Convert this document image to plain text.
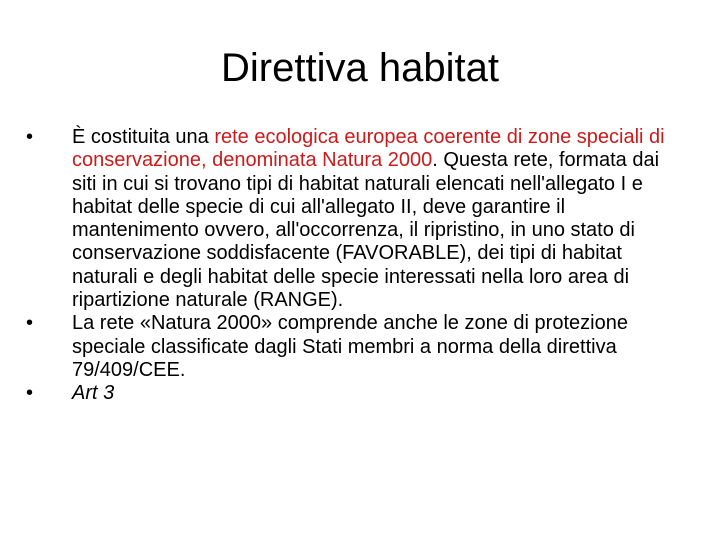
Direttiva habitat
•	È costituita una rete ecologica europea coerente di zone speciali di conservazione, denominata Natura 2000. Questa rete, formata dai siti in cui si trovano tipi di habitat naturali elencati nell'allegato I e habitat delle specie di cui all'allegato II, deve garantire il mantenimento ovvero, all'occorrenza, il ripristino, in uno stato di conservazione soddisfacente (FAVORABLE), dei tipi di habitat naturali e degli habitat delle specie interessati nella loro area di ripartizione naturale (RANGE).
•	La rete «Natura 2000» comprende anche le zone di protezione speciale classificate dagli Stati membri a norma della direttiva 79/409/CEE.
•	Art 3
